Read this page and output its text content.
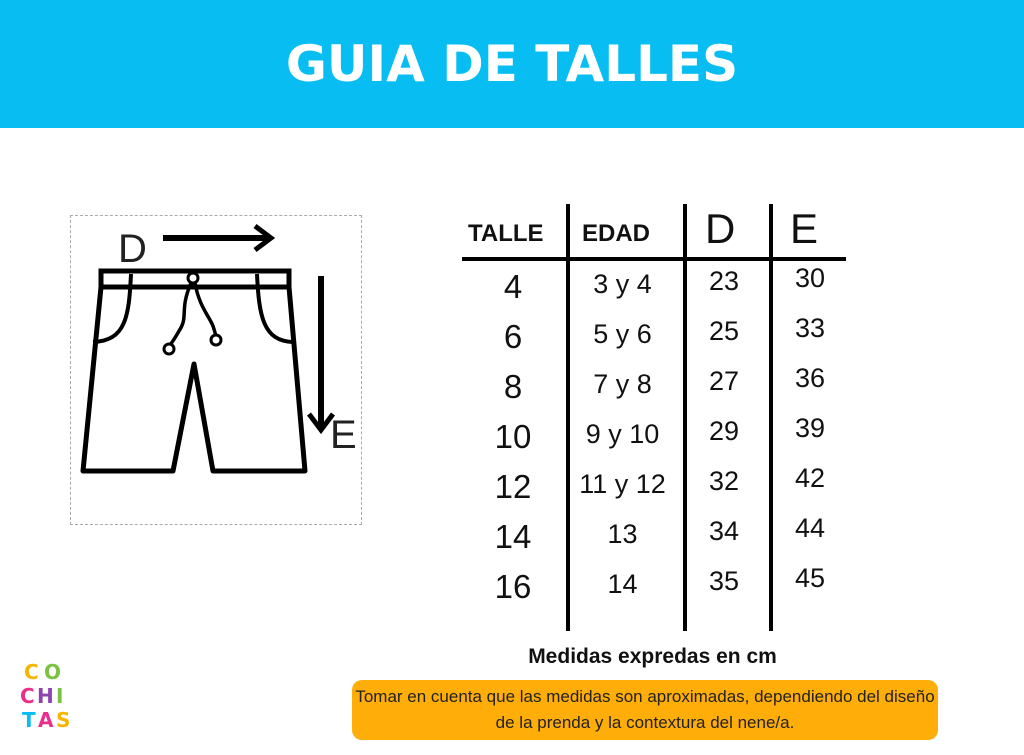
GUIA DE TALLES
D
E
TALLE EDAD D E
4	3 y 4	23	30
6	5 y 6	25	33
8	7 y 8	27	36
10	9 y 10	29	39
12	11 y 12	32	42
14	13	34	44
16	14	35	45
Medidas expredas en cm
Tomar en cuenta que las medidas son aproximadas, dependiendo del diseño de la prenda y la contextura del nene/a.
C O
C H I
T A S
